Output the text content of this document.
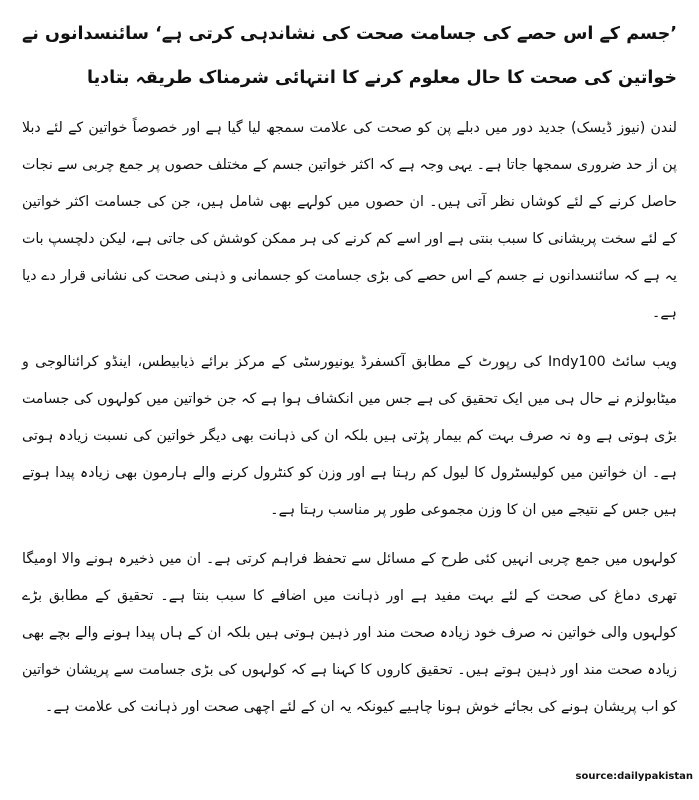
’جسم کے اس حصے کی جسامت صحت کی نشاندہی کرتی ہے‘ سائنسدانوں نے خواتین کی صحت کا حال معلوم کرنے کا انتہائی شرمناک طریقہ بتادیا

لندن (نیوز ڈیسک) جدید دور میں دبلے پن کو صحت کی علامت سمجھ لیا گیا ہے اور خصوصاً خواتین کے لئے دبلا پن از حد ضروری سمجھا جاتا ہے۔ یہی وجہ ہے کہ اکثر خواتین جسم کے مختلف حصوں پر جمع چربی سے نجات حاصل کرنے کے لئے کوشاں نظر آتی ہیں۔ ان حصوں میں کولہے بھی شامل ہیں، جن کی جسامت اکثر خواتین کے لئے سخت پریشانی کا سبب بنتی ہے اور اسے کم کرنے کی ہر ممکن کوشش کی جاتی ہے، لیکن دلچسپ بات یہ ہے کہ سائنسدانوں نے جسم کے اس حصے کی بڑی جسامت کو جسمانی و ذہنی صحت کی نشانی قرار دے دیا ہے۔

ویب سائٹ Indy100 کی رپورٹ کے مطابق آکسفرڈ یونیورسٹی کے مرکز برائے ذیابیطس، اینڈو کرائنالوجی و میٹابولزم نے حال ہی میں ایک تحقیق کی ہے جس میں انکشاف ہوا ہے کہ جن خواتین میں کولہوں کی جسامت بڑی ہوتی ہے وہ نہ صرف بہت کم بیمار پڑتی ہیں بلکہ ان کی ذہانت بھی دیگر خواتین کی نسبت زیادہ ہوتی ہے۔ ان خواتین میں کولیسٹرول کا لیول کم رہتا ہے اور وزن کو کنٹرول کرنے والے ہارمون بھی زیادہ پیدا ہوتے ہیں جس کے نتیجے میں ان کا وزن مجموعی طور پر مناسب رہتا ہے۔

کولہوں میں جمع چربی انہیں کئی طرح کے مسائل سے تحفظ فراہم کرتی ہے۔ ان میں ذخیرہ ہونے والا اومیگا تھری دماغ کی صحت کے لئے بہت مفید ہے اور ذہانت میں اضافے کا سبب بنتا ہے۔ تحقیق کے مطابق بڑے کولہوں والی خواتین نہ صرف خود زیادہ صحت مند اور ذہین ہوتی ہیں بلکہ ان کے ہاں پیدا ہونے والے بچے بھی زیادہ صحت مند اور ذہین ہوتے ہیں۔ تحقیق کاروں کا کہنا ہے کہ کولہوں کی بڑی جسامت سے پریشان خواتین کو اب پریشان ہونے کی بجائے خوش ہونا چاہیے کیونکہ یہ ان کے لئے اچھی صحت اور ذہانت کی علامت ہے۔

source:dailypakistan
